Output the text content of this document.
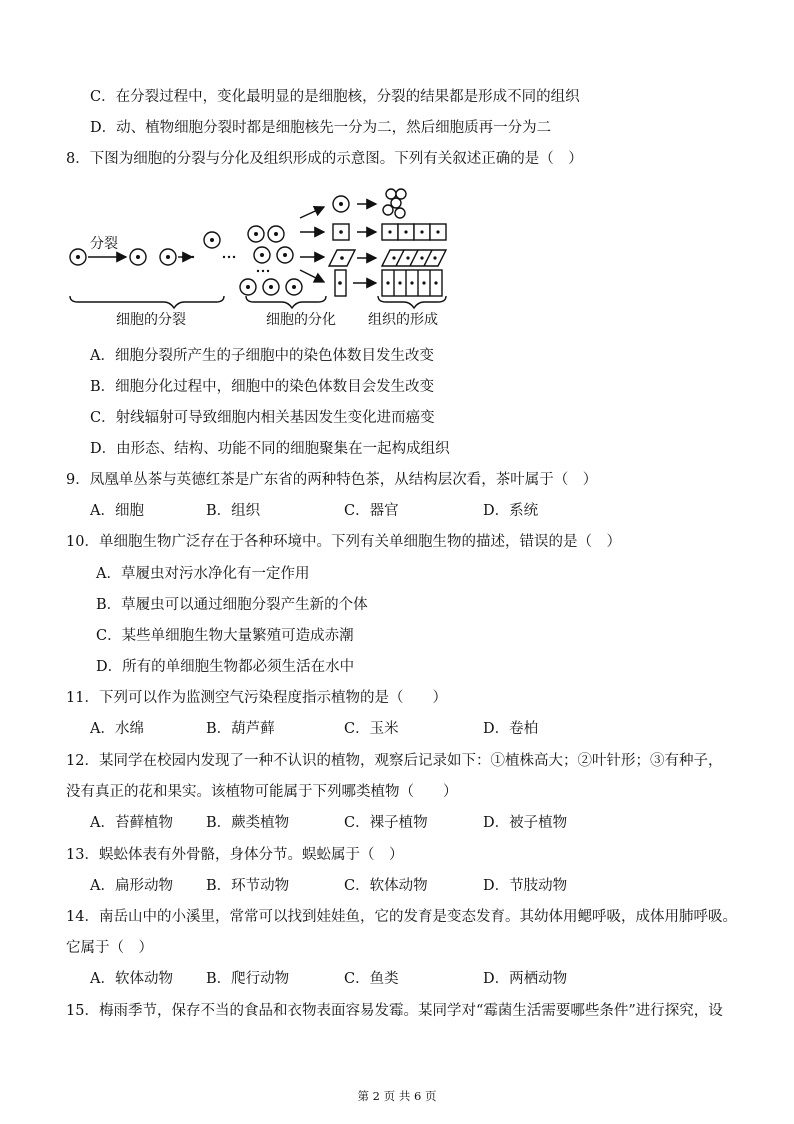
C．在分裂过程中，变化最明显的是细胞核，分裂的结果都是形成不同的组织
D．动、植物细胞分裂时都是细胞核先一分为二，然后细胞质再一分为二
8．下图为细胞的分裂与分化及组织形成的示意图。下列有关叙述正确的是（　）
分裂
细胞的分裂	细胞的分化 组织的形成
A．细胞分裂所产生的子细胞中的染色体数目发生改变
B．细胞分化过程中，细胞中的染色体数目会发生改变
C．射线辐射可导致细胞内相关基因发生变化进而癌变
D．由形态、结构、功能不同的细胞聚集在一起构成组织
9．凤凰单丛茶与英德红茶是广东省的两种特色茶，从结构层次看，茶叶属于（　）
A．细胞	B．组织	C．器官	D．系统
10．单细胞生物广泛存在于各种环境中。下列有关单细胞生物的描述，错误的是（　）
A．草履虫对污水净化有一定作用
B．草履虫可以通过细胞分裂产生新的个体
C．某些单细胞生物大量繁殖可造成赤潮
D．所有的单细胞生物都必须生活在水中
11．下列可以作为监测空气污染程度指示植物的是（　　）
A．水绵	B．葫芦藓	C．玉米	D．卷柏
12．某同学在校园内发现了一种不认识的植物，观察后记录如下：①植株高大；②叶针形；③有种子，
没有真正的花和果实。该植物可能属于下列哪类植物（　　）
A．苔藓植物 B．蕨类植物	C．裸子植物	D．被子植物
13．蜈蚣体表有外骨骼，身体分节。蜈蚣属于（　）
A．扁形动物 B．环节动物	C．软体动物	D．节肢动物
14．南岳山中的小溪里，常常可以找到娃娃鱼，它的发育是变态发育。其幼体用鳃呼吸，成体用肺呼吸。
它属于（　）
A．软体动物 B．爬行动物	C．鱼类	D．两栖动物
15．梅雨季节，保存不当的食品和衣物表面容易发霉。某同学对“霉菌生活需要哪些条件”进行探究，设
第 2 页 共 6 页
